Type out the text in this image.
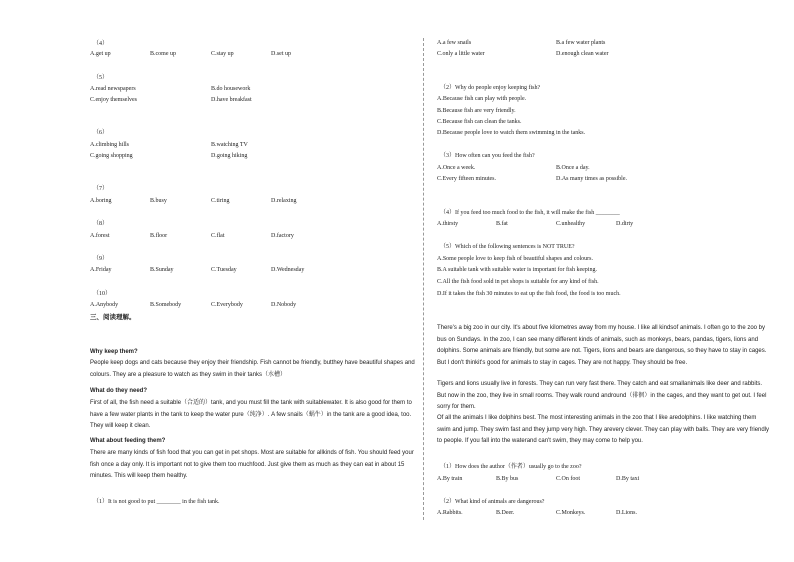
（4）
A.get up	B.come up	C.stay up	D.set up
（5）
A.read newspapers	B.do housework
C.enjoy themselves	D.have breakfast
（6）
A.climbing hills	B.watching TV
C.going shopping	D.going hiking
（7）
A.boring	B.busy	C.tiring	D.relaxing
（8）
A.forest	B.floor	C.flat	D.factory
（9）
A.Friday	B.Sunday	C.Tuesday	D.Wednesday
（10）
A.Anybody	B.Somebody	C.Everybody	D.Nobody
三、阅读理解。
Why keep them?
People keep dogs and cats because they enjoy their friendship. Fish cannot be friendly, butthey have beautiful shapes and colours. They are a pleasure to watch as they swim in their tanks（水槽）
What do they need?
First of all, the fish need a suitable（合适的）tank, and you must fill the tank with suitablewater. It is also good for them to have a few water plants in the tank to keep the water pure（纯净）. A few snails（蜗牛）in the tank are a good idea, too. They will keep it clean.
What about feeding them?
There are many kinds of fish food that you can get in pet shops. Most are suitable for allkinds of fish. You should feed your fish once a day only. It is important not to give them too muchfood. Just give them as much as they can eat in about 15 minutes. This will keep them healthy.
（1）It is not good to put ________ in the fish tank.
A.a few snails	B.a few water plants
C.only a little water	D.enough clean water
（2）Why do people enjoy keeping fish?
A.Because fish can play with people.
B.Because fish are very friendly.
C.Because fish can clean the tanks.
D.Because people love to watch them swimming in the tanks.
（3）How often can you feed the fish?
A.Once a week.	B.Once a day.
C.Every fifteen minutes.	D.As many times as possible.
（4）If you feed too much food to the fish, it will make the fish ________
A.thirsty	B.fat	C.unhealthy	D.dirty
（5）Which of the following sentences is NOT TRUE?
A.Some people love to keep fish of beautiful shapes and colours.
B.A suitable tank with suitable water is important for fish keeping.
C.All the fish food sold in pet shops is suitable for any kind of fish.
D.If it takes the fish 30 minutes to eat up the fish food, the food is too much.
There's a big zoo in our city. It's about five kilometres away from my house. I like all kindsof animals. I often go to the zoo by bus on Sundays. In the zoo, I can see many different kinds of animals, such as monkeys, bears, pandas, tigers, lions and dolphins. Some animals are friendly, but some are not. Tigers, lions and bears are dangerous, so they have to stay in cages. But I don't thinkit's good for animals to stay in cages. They are not happy. They should be free.
Tigers and lions usually live in forests. They can run very fast there. They catch and eat smallanimals like deer and rabbits. But now in the zoo, they live in small rooms. They walk round andround（徘徊）in the cages, and they want to get out. I feel sorry for them.
Of all the animals I like dolphins best. The most interesting animals in the zoo that I like aredolphins. I like watching them swim and jump. They swim fast and they jump very high. They arevery clever. They can play with balls. They are very friendly to people. If you fall into the waterand can't swim, they may come to help you.
（1）How does the author（作者）usually go to the zoo?
A.By train	B.By bus	C.On foot	D.By taxi
（2）What kind of animals are dangerous?
A.Rabbits.	B.Deer.	C.Monkeys.	D.Lions.
